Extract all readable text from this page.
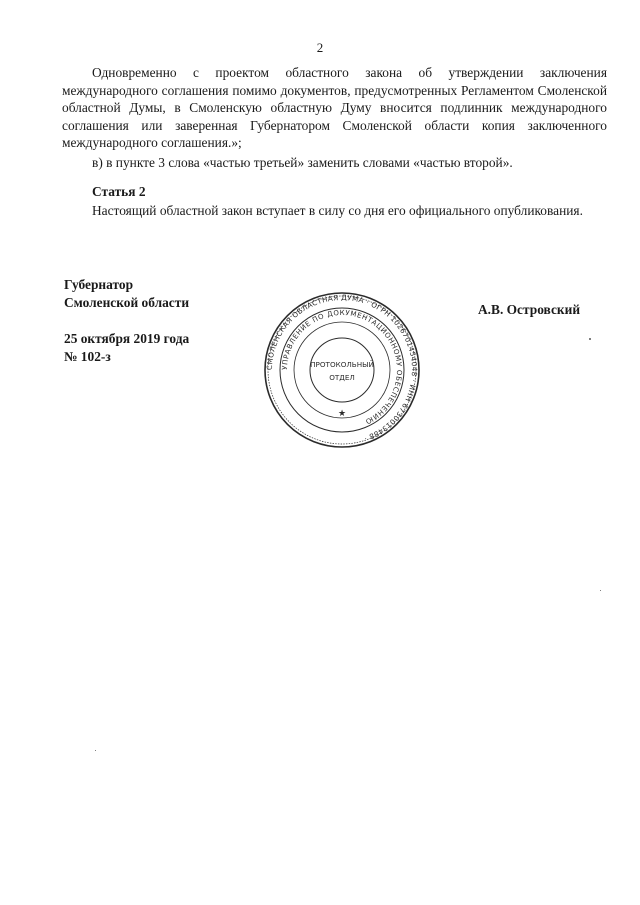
2

Одновременно с проектом областного закона об утверждении заключения международного соглашения помимо документов, предусмотренных Регламентом Смоленской областной Думы, в Смоленскую областную Думу вносится подлинник международного соглашения или заверенная Губернатором Смоленской области копия заключенного международного соглашения.»;

в) в пункте 3 слова «частью третьей» заменить словами «частью второй».

Статья 2

Настоящий областной закон вступает в силу со дня его официального опубликования.

Губернатор
Смоленской области
25 октября 2019 года
№ 102-з
А.В. Островский
СМОЛЕНСКАЯ ОБЛАСТНАЯ ДУМА · ОГРН 1026701454048 · ИНН 6730013488 ·
УПРАВЛЕНИЕ ПО ДОКУМЕНТАЦИОННОМУ ОБЕСПЕЧЕНИЮ
ПРОТОКОЛЬНЫЙ
ОТДЕЛ
★
